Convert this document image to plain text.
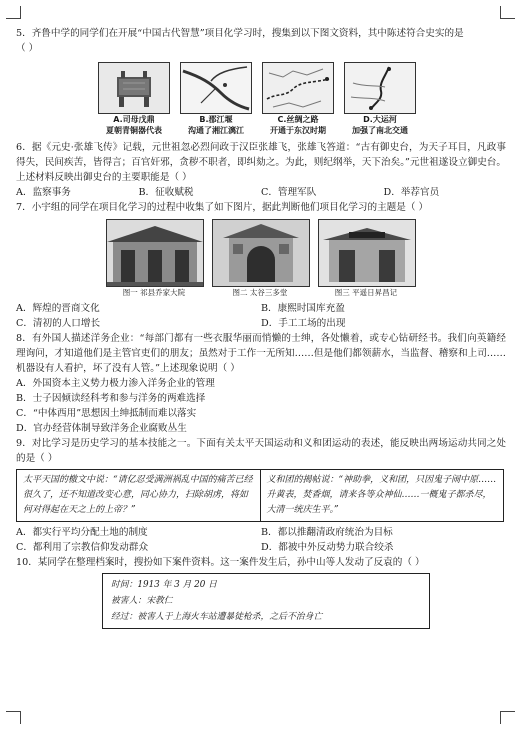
5．齐鲁中学的同学们在开展“中国古代智慧”项目化学习时，搜集到以下图文资料，其中陈述符合史实的是
（ ）
A.司母戊鼎
夏朝青铜器代表
B.郡江堰
沟通了湘江漓江
C.丝绸之路
开通于东汉时期
D.大运河
加强了南北交通
6．据《元史·张雄飞传》记载，元世祖忽必烈问政于汉臣张雄飞，张雄飞答道：“古有御史台，为天子耳目，凡政事得失，民间疾苦，皆得言；百官奸邪，贪秽不职者，即纠劾之。为此，则纪纲举，天下治矣。”元世祖遂设立御史台。上述材料反映出御史台的主要职能是（ ）
A．监察事务	B．征收赋税	C．管理军队	D．举荐官员
7．小宇组的同学在项目化学习的过程中收集了如下图片，据此判断他们项目化学习的主题是（ ）
图一 祁县乔家大院	图二 太谷三多堂	图三 平遥日昇昌记
A．辉煌的晋商文化	B．康熙时国库充盈
C．清初的人口增长	D．手工工场的出现
8．有外国人描述洋务企业：“每部门都有一些衣服华丽而悄懒的士绅，各处懒着，或专心钻研经书。我们向英籍经理询问，才知道他们是主管官吏们的朋友；虽然对于工作一无所知……但是他们都领薪水，当监督、稽察和上司……机器设有人看护，坏了没有人管。”上述现象说明（ ）
A．外国资本主义势力极力渗入洋务企业的管理
B．士子因倾读经科考和参与洋务的两难选择
C．“中体西用”思想因土绅抵制而难以落实
D．官办经营体制导致洋务企业腐败丛生
9．对比学习是历史学习的基本技能之一。下面有关太平天国运动和义和团运动的表述，能反映出两场运动共同之处的是（ ）
太平天国的檄文中说：“请亿忍受满洲祸乱中国的痛苦已经很久了，还不知道改变心意，同心协力，扫除胡虏，将如何对得起在天之上的上帝？”	义和团的揭帖说：“神助拳，义和团，只因鬼子闹中原……升黄表，焚香烟，请来各等众神仙……一概鬼子都杀尽，大清一统庆生平。”
A．都实行平均分配土地的制度	B．都以推翻清政府统治为目标
C．都利用了宗教信仰发动群众	D．都被中外反动势力联合绞杀
10．某同学在整理档案时，搜扮如下案件资料。这一案件发生后，孙中山等人发动了反袁的（ ）
时间：1913 年 3 月 20 日
被害人：宋教仁
经过：被害人于上海火车站遭暴徒枪杀，之后不治身亡
